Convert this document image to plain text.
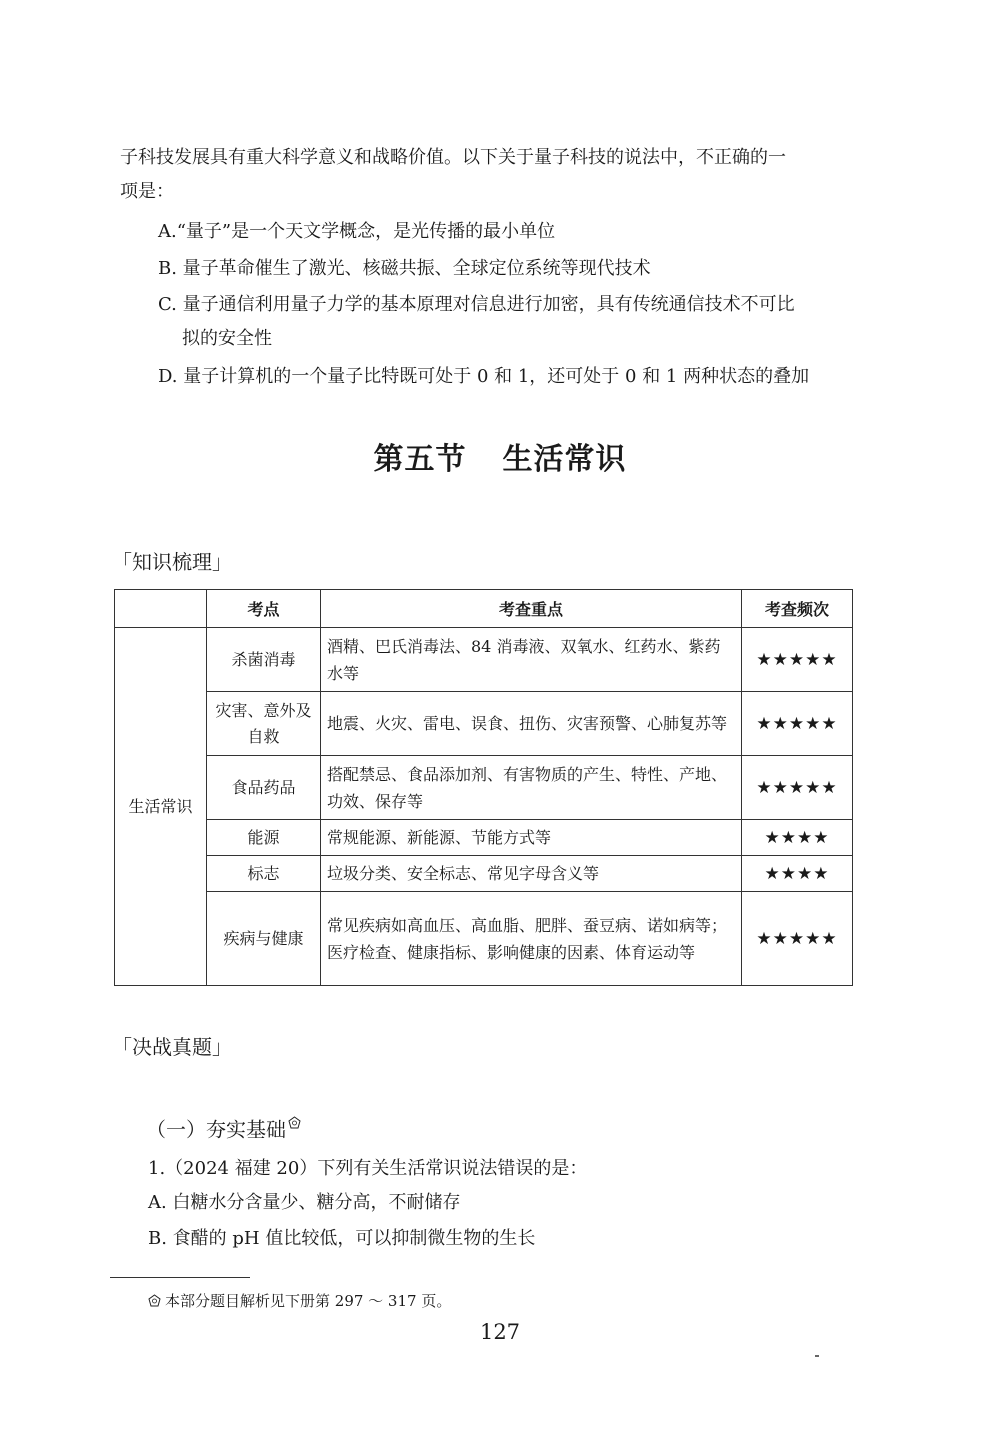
子科技发展具有重大科学意义和战略价值。以下关于量子科技的说法中，不正确的一
项是：
A.“量子”是一个天文学概念，是光传播的最小单位
B. 量子革命催生了激光、核磁共振、全球定位系统等现代技术
C. 量子通信利用量子力学的基本原理对信息进行加密，具有传统通信技术不可比
拟的安全性
D. 量子计算机的一个量子比特既可处于 0 和 1，还可处于 0 和 1 两种状态的叠加
第五节 生活常识
「知识梳理」
	考点	考查重点	考查频次
生活常识	杀菌消毒	酒精、巴氏消毒法、84 消毒液、双氧水、红药水、紫药水等	★★★★★
	灾害、意外及自救	地震、火灾、雷电、误食、扭伤、灾害预警、心肺复苏等	★★★★★
	食品药品	搭配禁忌、食品添加剂、有害物质的产生、特性、产地、功效、保存等	★★★★★
	能源	常规能源、新能源、节能方式等	★★★★
	标志	垃圾分类、安全标志、常见字母含义等	★★★★
	疾病与健康	常见疾病如高血压、高血脂、肥胖、蚕豆病、诺如病等；医疗检查、健康指标、影响健康的因素、体育运动等	★★★★★
「决战真题」
（一）夯实基础
1.（2024 福建 20）下列有关生活常识说法错误的是：
A. 白糖水分含量少、糖分高，不耐储存
B. 食醋的 pH 值比较低，可以抑制微生物的生长
本部分题目解析见下册第 297 ～ 317 页。
127
